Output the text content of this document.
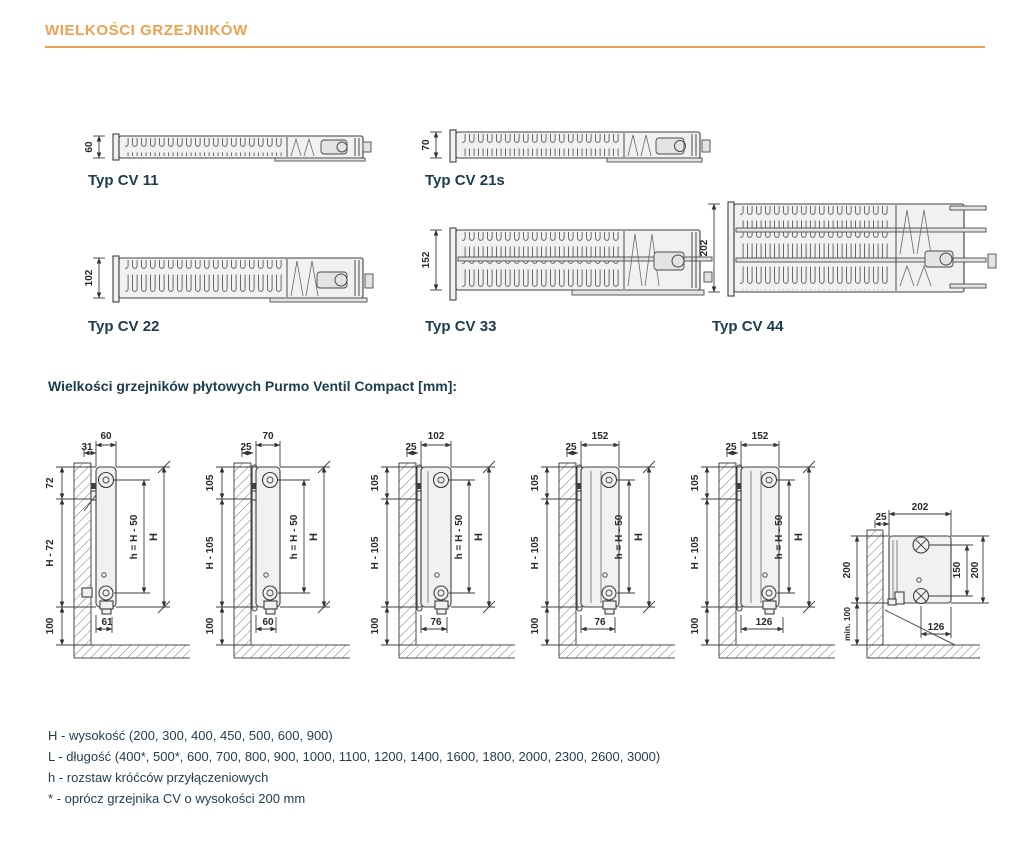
WIELKOŚCI GRZEJNIKÓW
60
Typ CV 11
70
Typ CV 21s
102
Typ CV 22
152
Typ CV 33
202
Typ CV 44
Wielkości grzejników płytowych Purmo Ventil Compact [mm]:
60
31
72
H - 72
100
h = H - 50 H
61
70
25
105
H - 105
100
h = H - 50 H
60
102
25
105
H - 105
100
h = H - 50 H
76
152
25
105
H - 105
100
h = H - 50 H
76
152
25
105
H - 105
100
h = H - 50 H
126
25
202
200
min. 100
150 200
126

H - wysokość (200, 300, 400, 450, 500, 600, 900)

L - długość (400*, 500*, 600, 700, 800, 900, 1000, 1100, 1200, 1400, 1600, 1800, 2000, 2300, 2600, 3000)

h - rozstaw króćców przyłączeniowych

* - oprócz grzejnika CV o wysokości 200 mm
